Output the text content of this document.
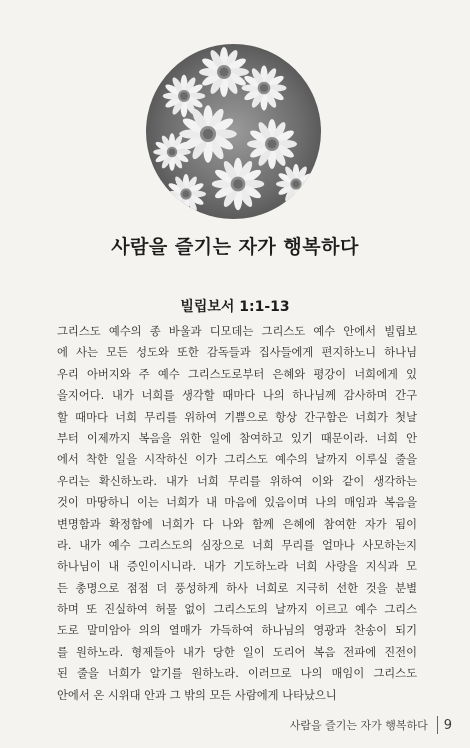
사람을 즐기는 자가 행복하다
빌립보서 1:1-13
그리스도 예수의 종 바울과 디모데는 그리스도 예수 안에서 빌립보
에 사는 모든 성도와 또한 감독들과 집사들에게 편지하노니 하나님
우리 아버지와 주 예수 그리스도로부터 은혜와 평강이 너희에게 있
을지어다. 내가 너희를 생각할 때마다 나의 하나님께 감사하며 간구
할 때마다 너희 무리를 위하여 기쁨으로 항상 간구함은 너희가 첫날
부터 이제까지 복음을 위한 일에 참여하고 있기 때문이라. 너희 안
에서 착한 일을 시작하신 이가 그리스도 예수의 날까지 이루실 줄을
우리는 확신하노라. 내가 너희 무리를 위하여 이와 같이 생각하는
것이 마땅하니 이는 너희가 내 마음에 있음이며 나의 매임과 복음을
변명함과 확정함에 너희가 다 나와 함께 은혜에 참여한 자가 됨이
라. 내가 예수 그리스도의 심장으로 너희 무리를 얼마나 사모하는지
하나님이 내 증인이시니라. 내가 기도하노라 너희 사랑을 지식과 모
든 총명으로 점점 더 풍성하게 하사 너희로 지극히 선한 것을 분별
하며 또 진실하여 허물 없이 그리스도의 날까지 이르고 예수 그리스
도로 말미암아 의의 열매가 가득하여 하나님의 영광과 찬송이 되기
를 원하노라. 형제들아 내가 당한 일이 도리어 복음 전파에 진전이
된 줄을 너희가 알기를 원하노라. 이러므로 나의 매임이 그리스도
안에서 온 시위대 안과 그 밖의 모든 사람에게 나타났으니
사람을 즐기는 자가 행복하다 9
